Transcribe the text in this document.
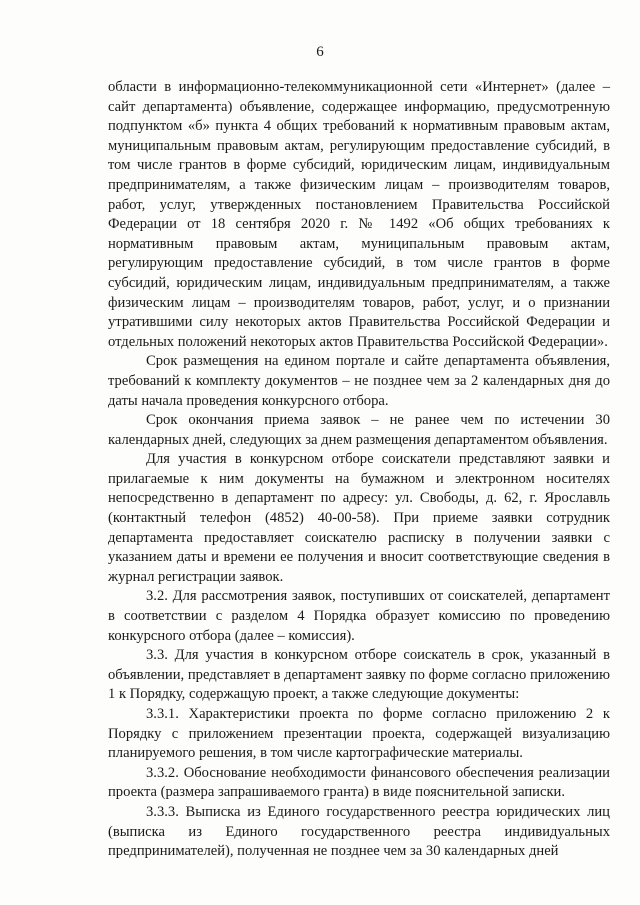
6

области в информационно-телекоммуникационной сети «Интернет» (далее – сайт департамента) объявление, содержащее информацию, предусмотренную подпунктом «б» пункта 4 общих требований к нормативным правовым актам, муниципальным правовым актам, регулирующим предоставление субсидий, в том числе грантов в форме субсидий, юридическим лицам, индивидуальным предпринимателям, а также физическим лицам – производителям товаров, работ, услуг, утвержденных постановлением Правительства Российской Федерации от 18 сентября 2020 г. № 1492 «Об общих требованиях к нормативным правовым актам, муниципальным правовым актам, регулирующим предоставление субсидий, в том числе грантов в форме субсидий, юридическим лицам, индивидуальным предпринимателям, а также физическим лицам – производителям товаров, работ, услуг, и о признании утратившими силу некоторых актов Правительства Российской Федерации и отдельных положений некоторых актов Правительства Российской Федерации».

Срок размещения на едином портале и сайте департамента объявления, требований к комплекту документов – не позднее чем за 2 календарных дня до даты начала проведения конкурсного отбора.

Срок окончания приема заявок – не ранее чем по истечении 30 календарных дней, следующих за днем размещения департаментом объявления.

Для участия в конкурсном отборе соискатели представляют заявки и прилагаемые к ним документы на бумажном и электронном носителях непосредственно в департамент по адресу: ул. Свободы, д. 62, г. Ярославль (контактный телефон (4852) 40-00-58). При приеме заявки сотрудник департамента предоставляет соискателю расписку в получении заявки с указанием даты и времени ее получения и вносит соответствующие сведения в журнал регистрации заявок.

3.2. Для рассмотрения заявок, поступивших от соискателей, департамент в соответствии с разделом 4 Порядка образует комиссию по проведению конкурсного отбора (далее – комиссия).

3.3. Для участия в конкурсном отборе соискатель в срок, указанный в объявлении, представляет в департамент заявку по форме согласно приложению 1 к Порядку, содержащую проект, а также следующие документы:

3.3.1. Характеристики проекта по форме согласно приложению 2 к Порядку с приложением презентации проекта, содержащей визуализацию планируемого решения, в том числе картографические материалы.

3.3.2. Обоснование необходимости финансового обеспечения реализации проекта (размера запрашиваемого гранта) в виде пояснительной записки.

3.3.3. Выписка из Единого государственного реестра юридических лиц (выписка из Единого государственного реестра индивидуальных предпринимателей), полученная не позднее чем за 30 календарных дней
